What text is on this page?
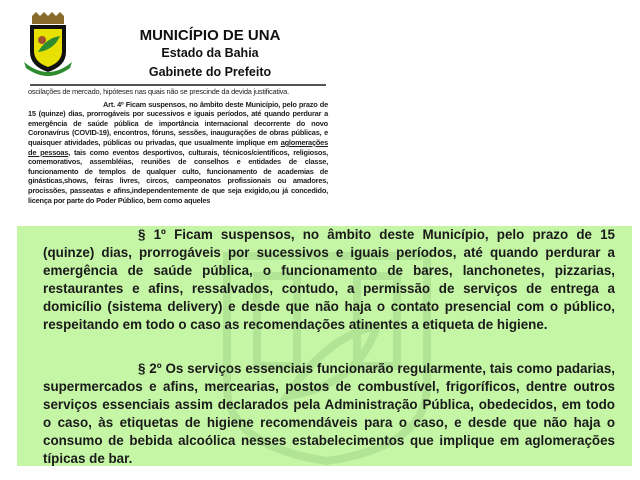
MUNICÍPIO DE UNA
Estado da Bahia
Gabinete do Prefeito
oscilações de mercado, hipóteses nas quais não se prescinde da devida justificativa.
Art. 4º Ficam suspensos, no âmbito deste Município, pelo prazo de 15 (quinze) dias, prorrogáveis por sucessivos e iguais períodos, até quando perdurar a emergência de saúde pública de importância internacional decorrente do novo Coronavírus (COVID-19), encontros, fóruns, sessões, inaugurações de obras públicas, e quaisquer atividades, públicas ou privadas, que usualmente implique em aglomerações de pessoas, tais como eventos desportivos, culturais, técnicos/científicos, religiosos, comemorativos, assembléias, reuniões de conselhos e entidades de classe, funcionamento de templos de qualquer culto, funcionamento de academias de ginásticas,shows, feiras livres, circos, campeonatos profissionais ou amadores, procissões, passeatas e afins,independentemente de que seja exigido,ou já concedido, licença por parte do Poder Público, bem como aqueles
§ 1º Ficam suspensos, no âmbito deste Município, pelo prazo de 15 (quinze) dias, prorrogáveis por sucessivos e iguais períodos, até quando perdurar a emergência de saúde pública, o funcionamento de bares, lanchonetes, pizzarias, restaurantes e afins, ressalvados, contudo, a permissão de serviços de entrega a domicílio (sistema delivery) e desde que não haja o contato presencial com o público, respeitando em todo o caso as recomendações atinentes a etiqueta de higiene.
§ 2º Os serviços essenciais funcionarão regularmente, tais como padarias, supermercados e afins, mercearias, postos de combustível, frigoríficos, dentre outros serviços essenciais assim declarados pela Administração Pública, obedecidos, em todo o caso, às etiquetas de higiene recomendáveis para o caso, e desde que não haja o consumo de bebida alcoólica nesses estabelecimentos que implique em aglomerações típicas de bar.
